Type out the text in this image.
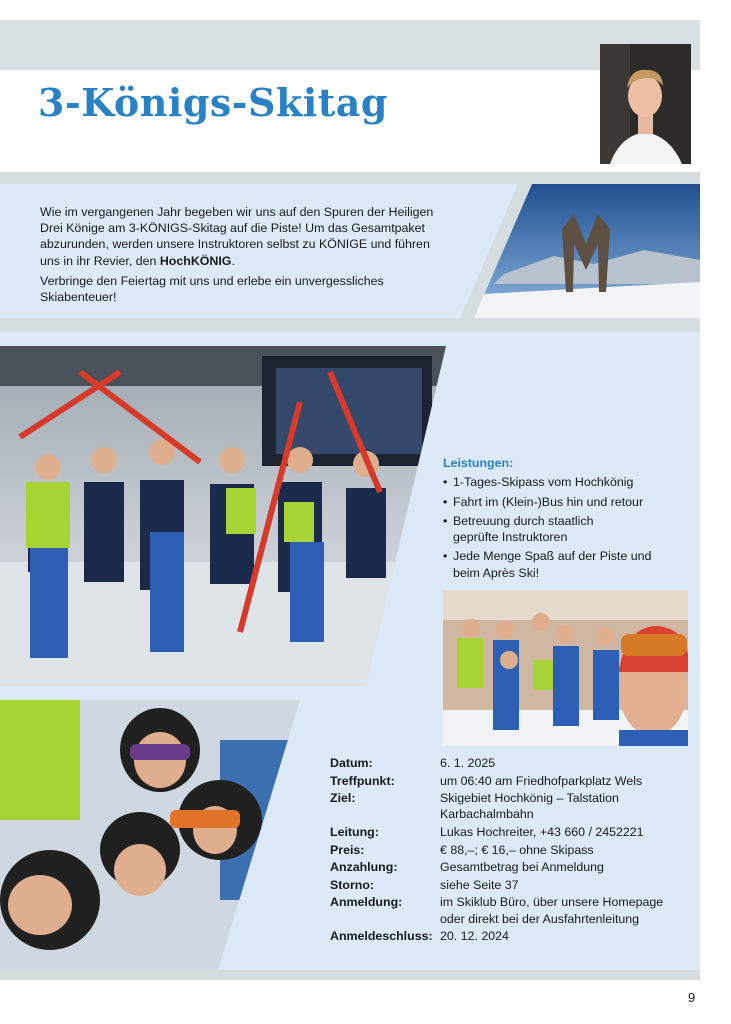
3-Königs-Skitag

Wie im vergangenen Jahr begeben wir uns auf den Spuren der Heiligen Drei Könige am 3-KÖNIGS-Skitag auf die Piste! Um das Gesamtpaket abzurunden, werden unsere Instruktoren selbst zu KÖNIGE und führen uns in ihr Revier, den HochKÖNIG.

Verbringe den Feiertag mit uns und erlebe ein unvergessliches Skiabenteuer!

Leistungen:
• 1-Tages-Skipass vom Hochkönig
• Fahrt im (Klein-)Bus hin und retour
• Betreuung durch staatlich geprüfte Instruktoren
• Jede Menge Spaß auf der Piste und beim Après Ski!
Datum:	6. 1. 2025
Treffpunkt:	um 06:40 am Friedhofparkplatz Wels
Ziel:	Skigebiet Hochkönig – Talstation Karbachalmbahn
Leitung:	Lukas Hochreiter, +43 660 / 2452221
Preis:	€ 88,–; € 16,– ohne Skipass
Anzahlung:	Gesamtbetrag bei Anmeldung
Storno:	siehe Seite 37
Anmeldung:	im Skiklub Büro, über unsere Homepage oder direkt bei der Ausfahrtenleitung
Anmeldeschluss: 20. 12. 2024
9
